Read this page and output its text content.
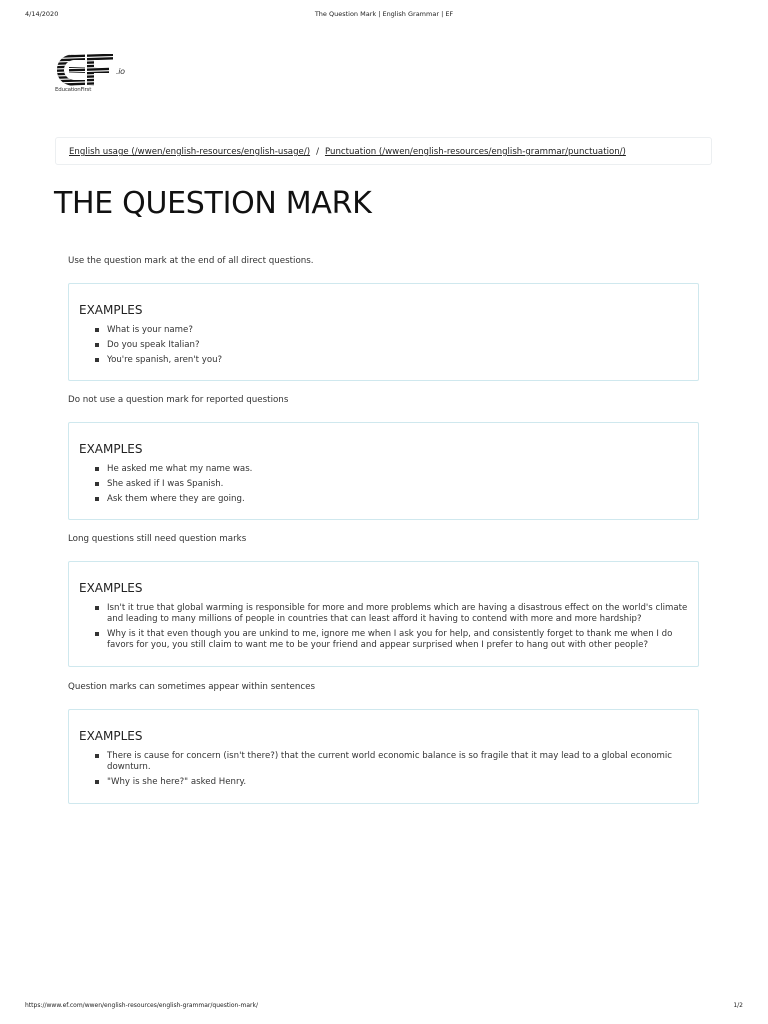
4/14/2020	The Question Mark | English Grammar | EF
.io
EducationFirst
English usage (/wwen/english-resources/english-usage/) / Punctuation (/wwen/english-resources/english-grammar/punctuation/)
THE QUESTION MARK
Use the question mark at the end of all direct questions.
EXAMPLES
What is your name?
Do you speak Italian?
You're spanish, aren't you?
Do not use a question mark for reported questions
EXAMPLES
He asked me what my name was.
She asked if I was Spanish.
Ask them where they are going.
Long questions still need question marks
EXAMPLES
Isn't it true that global warming is responsible for more and more problems which are having a disastrous effect on the world's climate and leading to many millions of people in countries that can least afford it having to contend with more and more hardship?
Why is it that even though you are unkind to me, ignore me when I ask you for help, and consistently forget to thank me when I do favors for you, you still claim to want me to be your friend and appear surprised when I prefer to hang out with other people?
Question marks can sometimes appear within sentences
EXAMPLES
There is cause for concern (isn't there?) that the current world economic balance is so fragile that it may lead to a global economic downturn.
"Why is she here?" asked Henry.
https://www.ef.com/wwen/english-resources/english-grammar/question-mark/	1/2
